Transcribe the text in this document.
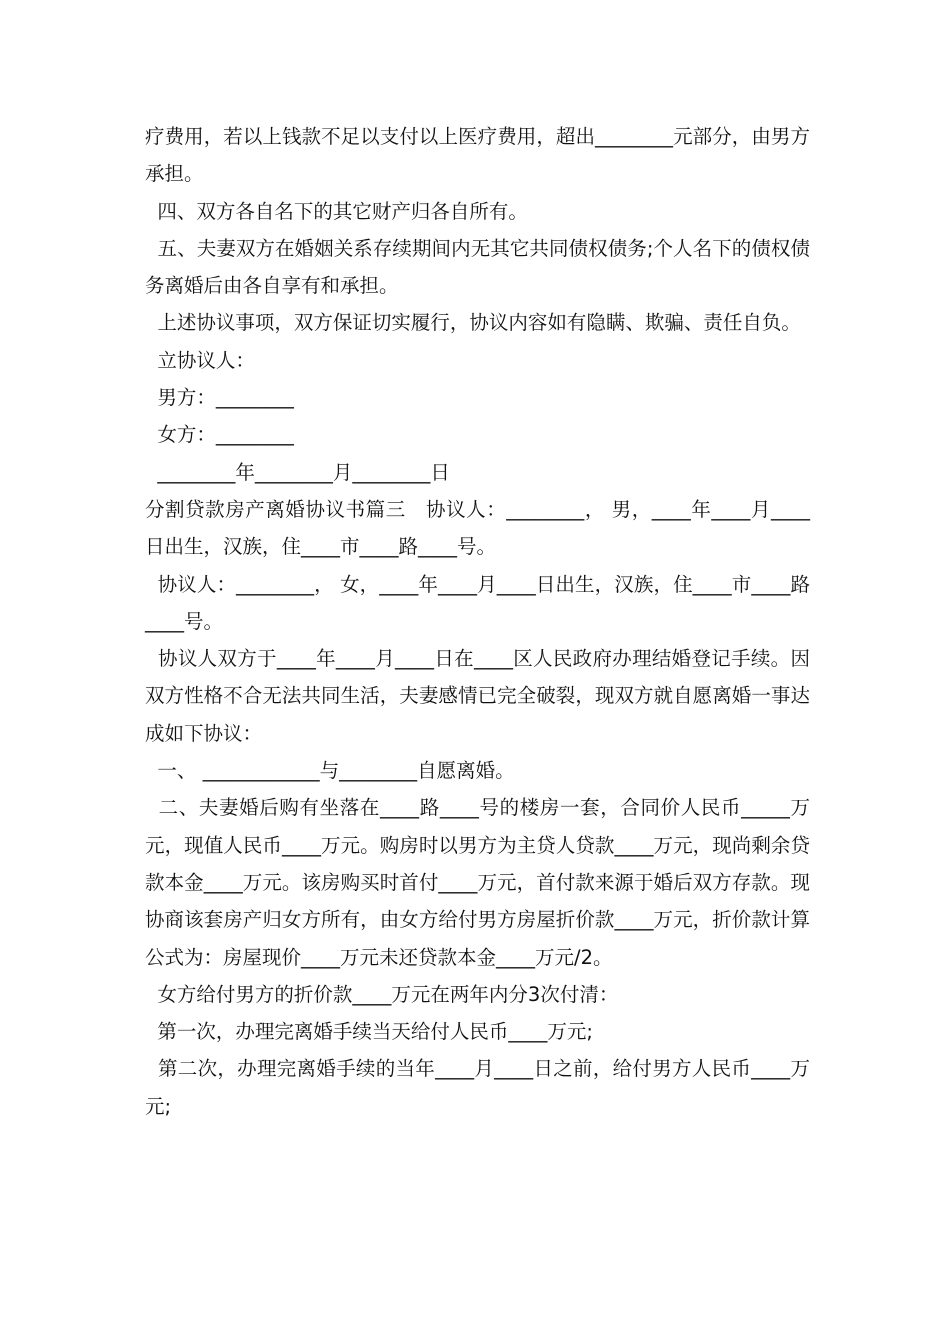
疗费用，若以上钱款不足以支付以上医疗费用，超出________元部分，由男方承担。

四、双方各自名下的其它财产归各自所有。

五、夫妻双方在婚姻关系存续期间内无其它共同债权债务;个人名下的债权债务离婚后由各自享有和承担。

上述协议事项，双方保证切实履行，协议内容如有隐瞒、欺骗、责任自负。

立协议人：

男方：________

女方：________

________年________月________日

分割贷款房产离婚协议书篇三   协议人：________， 男，____年____月____日出生，汉族，住____市____路____号。

协议人：________， 女，____年____月____日出生，汉族，住____市____路____号。

协议人双方于____年____月____日在____区人民政府办理结婚登记手续。因双方性格不合无法共同生活，夫妻感情已完全破裂，现双方就自愿离婚一事达成如下协议：

一、 ____________与________自愿离婚。

二、夫妻婚后购有坐落在____路____号的楼房一套，合同价人民币_____万元，现值人民币____万元。购房时以男方为主贷人贷款____万元，现尚剩余贷款本金____万元。该房购买时首付____万元，首付款来源于婚后双方存款。现协商该套房产归女方所有，由女方给付男方房屋折价款____万元，折价款计算公式为：房屋现价____万元未还贷款本金____万元/2。

女方给付男方的折价款____万元在两年内分3次付清：

第一次，办理完离婚手续当天给付人民币____万元;

第二次，办理完离婚手续的当年____月____日之前，给付男方人民币____万元;
